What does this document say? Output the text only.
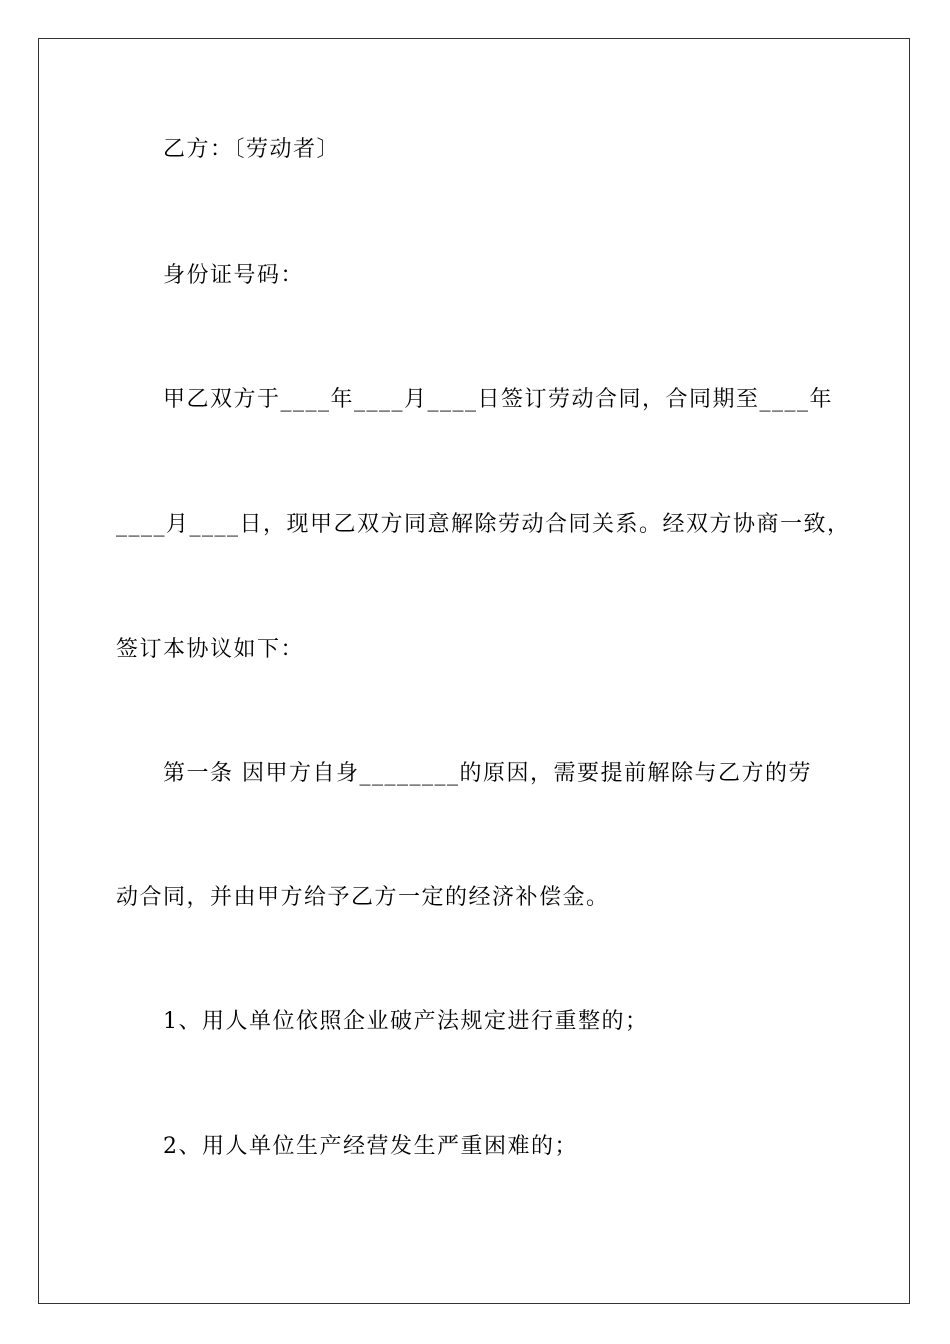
乙方：〔劳动者〕
身份证号码：
甲乙双方于____年____月____日签订劳动合同，合同期至____年
____月____日，现甲乙双方同意解除劳动合同关系。经双方协商一致，
签订本协议如下：
第一条 因甲方自身________的原因，需要提前解除与乙方的劳
动合同，并由甲方给予乙方一定的经济补偿金。
1、用人单位依照企业破产法规定进行重整的；
2、用人单位生产经营发生严重困难的；
